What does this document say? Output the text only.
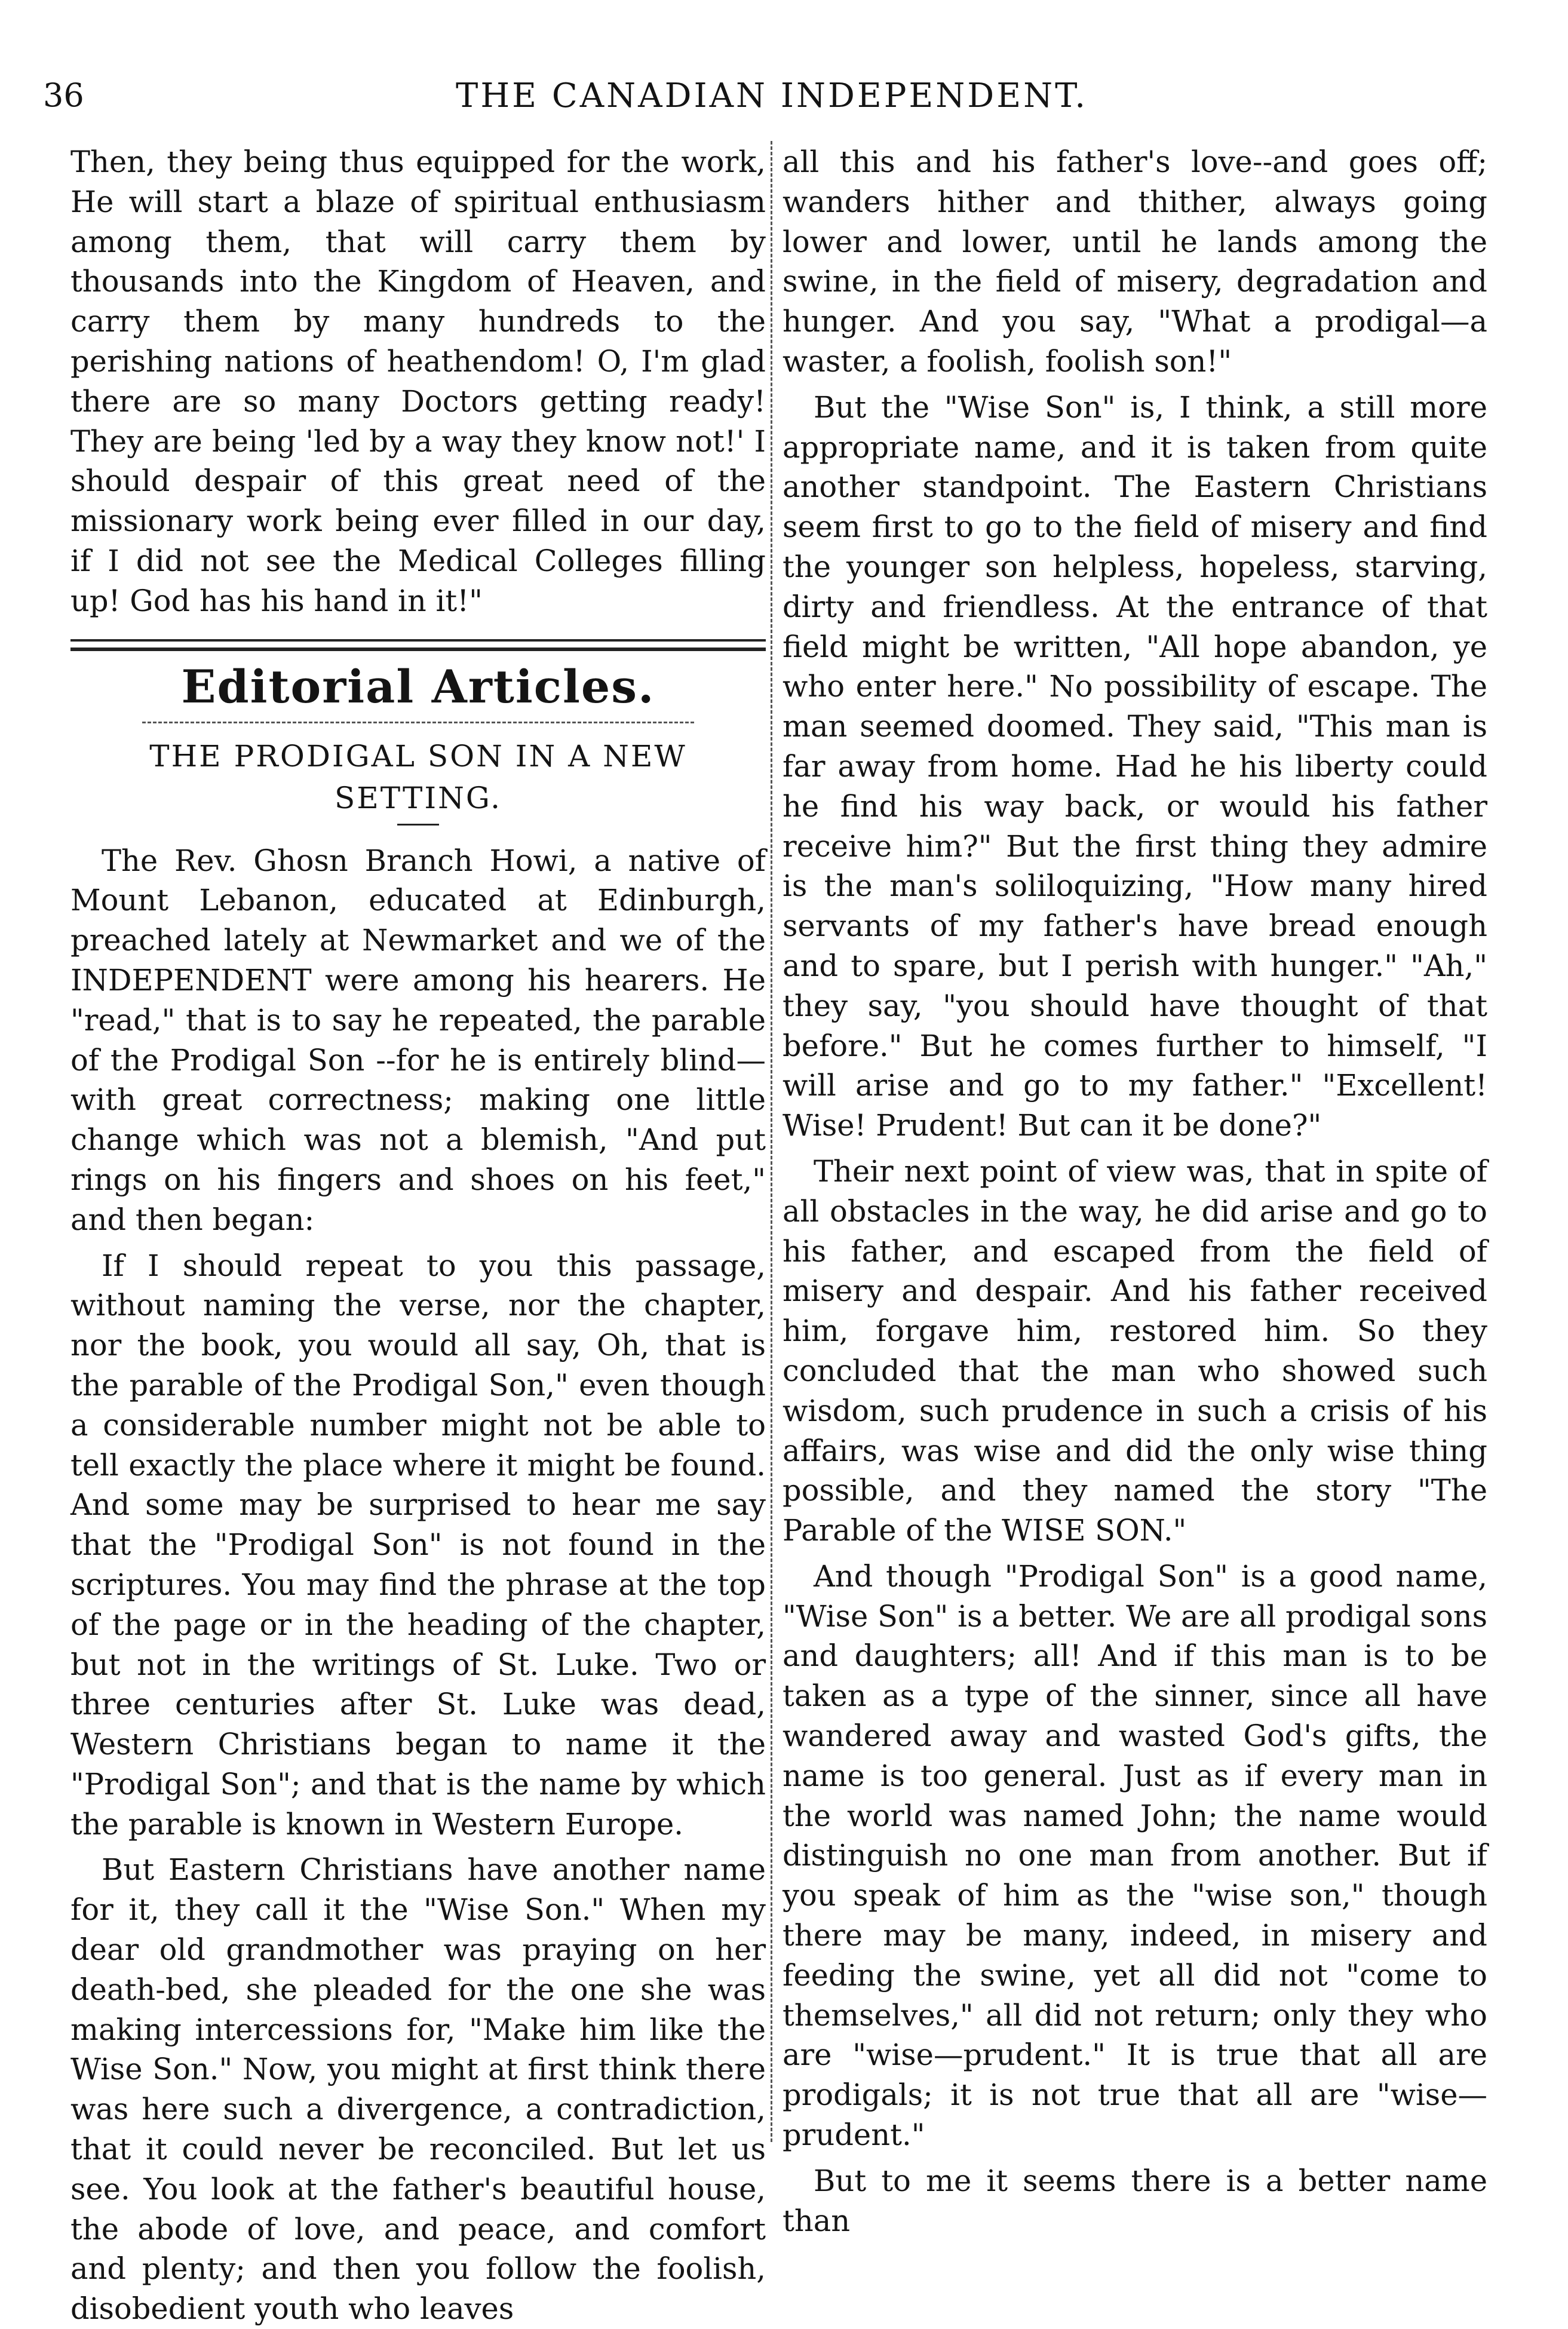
36	THE CANADIAN INDEPENDENT.

Then, they being thus equipped for the work, He will start a blaze of spiritual enthusiasm among them, that will carry them by thousands into the Kingdom of Heaven, and carry them by many hundreds to the perishing nations of heathendom! O, I'm glad there are so many Doctors getting ready! They are being 'led by a way they know not!' I should despair of this great need of the missionary work being ever filled in our day, if I did not see the Medical Colleges filling up! God has his hand in it!"

Editorial Articles.
THE PRODIGAL SON IN A NEW SETTING.

The Rev. Ghosn Branch Howi, a native of Mount Lebanon, educated at Edinburgh, preached lately at Newmarket and we of the INDEPENDENT were among his hearers. He "read," that is to say he repeated, the parable of the Prodigal Son --for he is entirely blind—with great correctness; making one little change which was not a blemish, "And put rings on his fingers and shoes on his feet," and then began:

If I should repeat to you this passage, without naming the verse, nor the chapter, nor the book, you would all say, Oh, that is the parable of the Prodigal Son," even though a considerable number might not be able to tell exactly the place where it might be found. And some may be surprised to hear me say that the "Prodigal Son" is not found in the scriptures. You may find the phrase at the top of the page or in the heading of the chapter, but not in the writings of St. Luke. Two or three centuries after St. Luke was dead, Western Christians began to name it the "Prodigal Son"; and that is the name by which the parable is known in Western Europe.

But Eastern Christians have another name for it, they call it the "Wise Son." When my dear old grandmother was praying on her death-bed, she pleaded for the one she was making intercessions for, "Make him like the Wise Son." Now, you might at first think there was here such a divergence, a contradiction, that it could never be reconciled. But let us see. You look at the father's beautiful house, the abode of love, and peace, and comfort and plenty; and then you follow the foolish, disobedient youth who leaves

all this and his father's love--and goes off; wanders hither and thither, always going lower and lower, until he lands among the swine, in the field of misery, degradation and hunger. And you say, "What a prodigal—a waster, a foolish, foolish son!"

But the "Wise Son" is, I think, a still more appropriate name, and it is taken from quite another standpoint. The Eastern Christians seem first to go to the field of misery and find the younger son helpless, hopeless, starving, dirty and friendless. At the entrance of that field might be written, "All hope abandon, ye who enter here." No possibility of escape. The man seemed doomed. They said, "This man is far away from home. Had he his liberty could he find his way back, or would his father receive him?" But the first thing they admire is the man's soliloquizing, "How many hired servants of my father's have bread enough and to spare, but I perish with hunger." "Ah," they say, "you should have thought of that before." But he comes further to himself, "I will arise and go to my father." "Excellent! Wise! Prudent! But can it be done?"

Their next point of view was, that in spite of all obstacles in the way, he did arise and go to his father, and escaped from the field of misery and despair. And his father received him, forgave him, restored him. So they concluded that the man who showed such wisdom, such prudence in such a crisis of his affairs, was wise and did the only wise thing possible, and they named the story "The Parable of the WISE SON."

And though "Prodigal Son" is a good name, "Wise Son" is a better. We are all prodigal sons and daughters; all! And if this man is to be taken as a type of the sinner, since all have wandered away and wasted God's gifts, the name is too general. Just as if every man in the world was named John; the name would distinguish no one man from another. But if you speak of him as the "wise son," though there may be many, indeed, in misery and feeding the swine, yet all did not "come to themselves," all did not return; only they who are "wise—prudent." It is true that all are prodigals; it is not true that all are "wise—prudent."

But to me it seems there is a better name than
